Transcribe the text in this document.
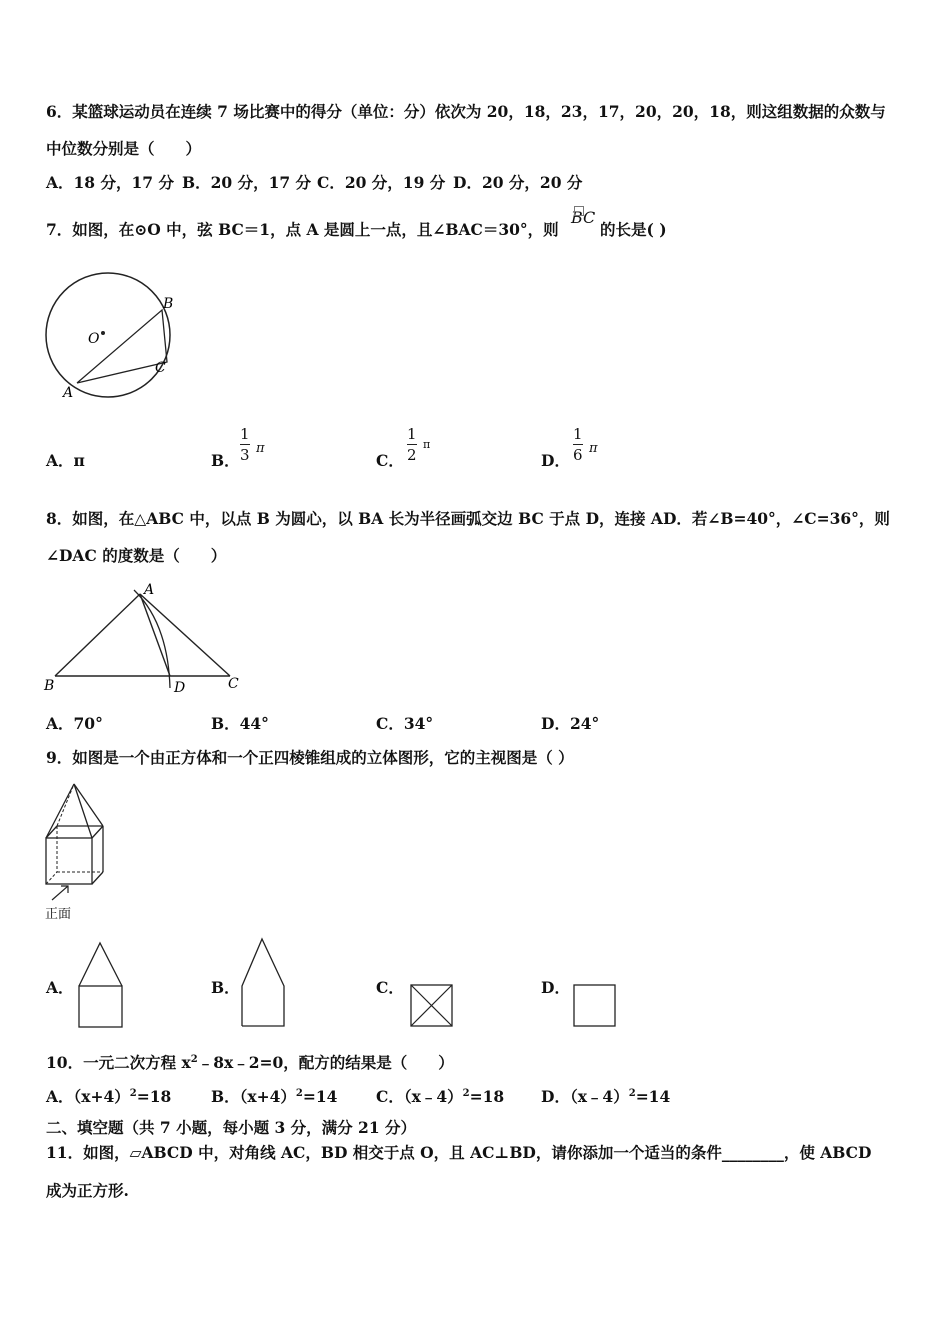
6．某篮球运动员在连续 7 场比赛中的得分（单位：分）依次为 20，18，23，17，20，20，18，则这组数据的众数与
中位数分别是（　　）
A．18 分，17 分 B．20 分，17 分 C．20 分，19 分 D．20 分，20 分
7．如图，在⊙O 中，弦 BC＝1，点 A 是圆上一点，且∠BAC＝30°，则
BC
的长是( )
O
A
B
C
A．π	B．
1
3 π
C．
1
2
π
D．
1
6 π
8．如图，在△ABC 中，以点 B 为圆心，以 BA 长为半径画弧交边 BC 于点 D，连接 AD．若∠B=40°，∠C=36°，则
∠DAC 的度数是（　　）
A
B	C
D
A．70°	B．44°	C．34°	D．24°
9．如图是一个由正方体和一个正四棱锥组成的立体图形，它的主视图是（ ）
正面
A．	B．	C．	D．
10．一元二次方程 $x^2﹣8x﹣2=0$，配方的结果是（　　）
A．$(x+4)^2=18$	B．$(x+4)^2=14$ C．（x﹣4）$^2$=18 D．（x﹣4）$^2$=14
二、填空题（共 7 小题，每小题 3 分，满分 21 分）
11．如图，▱ABCD 中，对角线 AC，BD 相交于点 O，且 AC⊥BD，请你添加一个适当的条件________，使 ABCD
成为正方形.
